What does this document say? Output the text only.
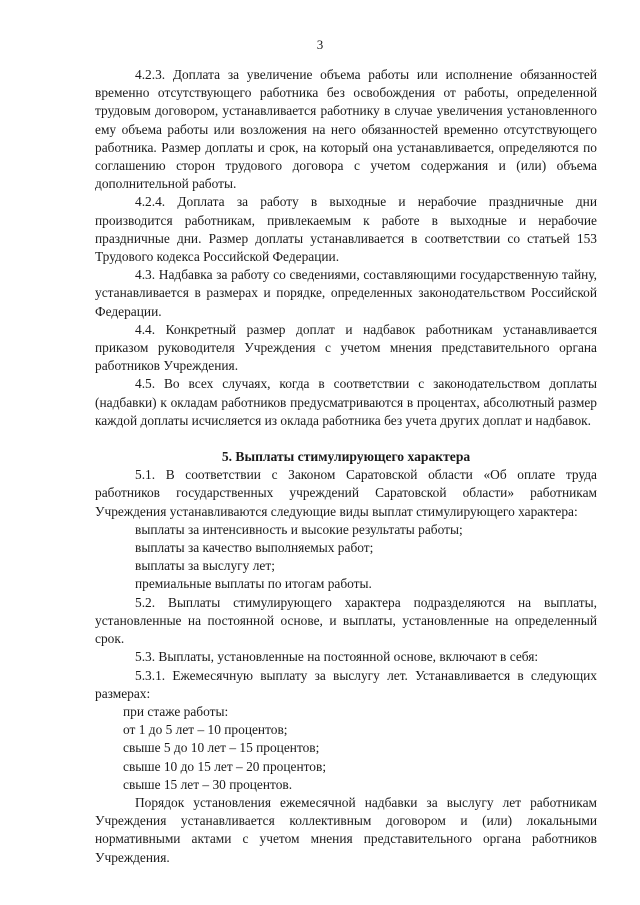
3

4.2.3. Доплата за увеличение объема работы или исполнение обязанностей временно отсутствующего работника без освобождения от работы, определенной трудовым договором, устанавливается работнику в случае увеличения установленного ему объема работы или возложения на него обязанностей временно отсутствующего работника. Размер доплаты и срок, на который она устанавливается, определяются по соглашению сторон трудового договора с учетом содержания и (или) объема дополнительной работы.

4.2.4. Доплата за работу в выходные и нерабочие праздничные дни производится работникам, привлекаемым к работе в выходные и нерабочие праздничные дни. Размер доплаты устанавливается в соответствии со статьей 153 Трудового кодекса Российской Федерации.

4.3. Надбавка за работу со сведениями, составляющими государственную тайну, устанавливается в размерах и порядке, определенных законодательством Российской Федерации.

4.4. Конкретный размер доплат и надбавок работникам устанавливается приказом руководителя Учреждения с учетом мнения представительного органа работников Учреждения.

4.5. Во всех случаях, когда в соответствии с законодательством доплаты (надбавки) к окладам работников предусматриваются в процентах, абсолютный размер каждой доплаты исчисляется из оклада работника без учета других доплат и надбавок.

5. Выплаты стимулирующего характера

5.1. В соответствии с Законом Саратовской области «Об оплате труда работников государственных учреждений Саратовской области» работникам Учреждения устанавливаются следующие виды выплат стимулирующего характера:

выплаты за интенсивность и высокие результаты работы;
выплаты за качество выполняемых работ;
выплаты за выслугу лет;
премиальные выплаты по итогам работы.

5.2. Выплаты стимулирующего характера подразделяются на выплаты, установленные на постоянной основе, и выплаты, установленные на определенный срок.

5.3. Выплаты, установленные на постоянной основе, включают в себя:

5.3.1. Ежемесячную выплату за выслугу лет. Устанавливается в следующих размерах:

при стаже работы:
от 1 до 5 лет – 10 процентов;
свыше 5 до 10 лет – 15 процентов;
свыше 10 до 15 лет – 20 процентов;
свыше 15 лет – 30 процентов.

Порядок установления ежемесячной надбавки за выслугу лет работникам Учреждения устанавливается коллективным договором и (или) локальными нормативными актами с учетом мнения представительного органа работников Учреждения.
